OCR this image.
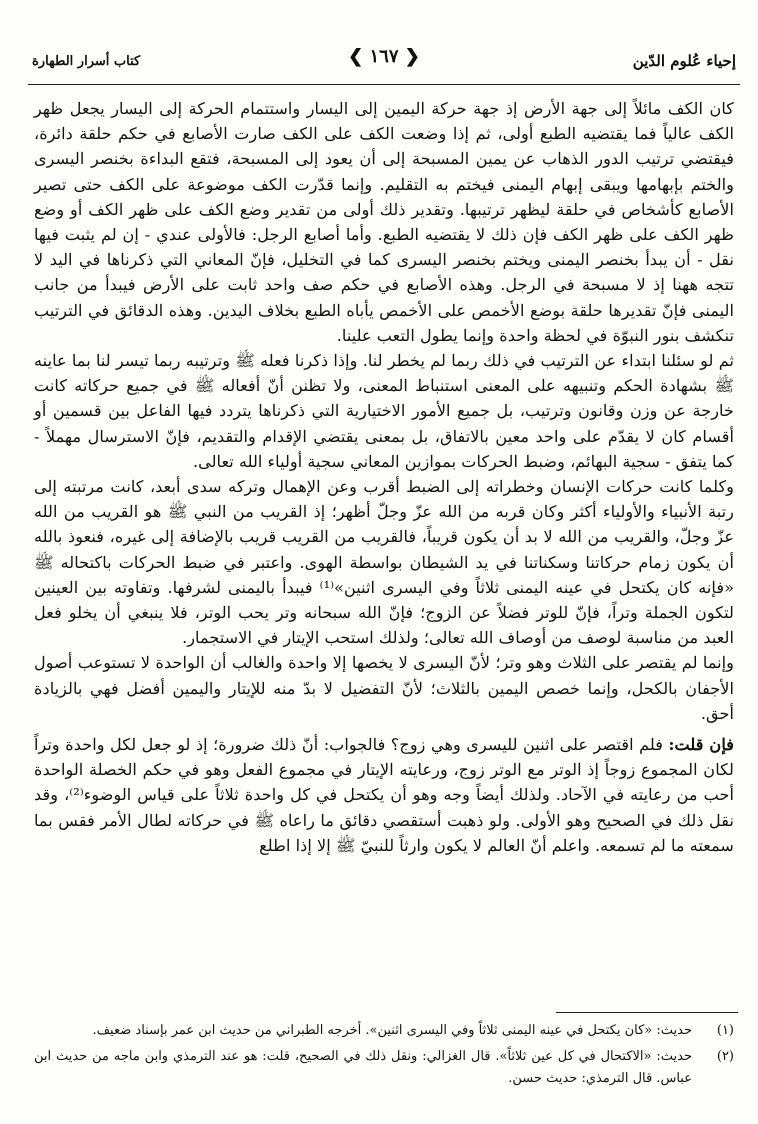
إحياء عُلوم الدّين
❮ ١٦٧ ❯
كتاب أسرار الطهارة

كان الكف مائلاً إلى جهة الأرض إذ جهة حركة اليمين إلى اليسار واستتمام الحركة إلى اليسار يجعل ظهر الكف عالياً فما يقتضيه الطبع أولى، ثم إذا وضعت الكف على الكف صارت الأصابع في حكم حلقة دائرة، فيقتضي ترتيب الدور الذهاب عن يمين المسبحة إلى أن يعود إلى المسبحة، فتقع البداءة بخنصر اليسرى والختم بإبهامها ويبقى إبهام اليمنى فيختم به التقليم. وإنما قدّرت الكف موضوعة على الكف حتى تصير الأصابع كأشخاص في حلقة ليظهر ترتيبها. وتقدير ذلك أولى من تقدير وضع الكف على ظهر الكف أو وضع ظهر الكف على ظهر الكف فإن ذلك لا يقتضيه الطبع. وأما أصابع الرجل: فالأولى عندي - إن لم يثبت فيها نقل - أن يبدأ بخنصر اليمنى ويختم بخنصر اليسرى كما في التخليل، فإنّ المعاني التي ذكرناها في اليد لا تتجه ههنا إذ لا مسبحة في الرجل. وهذه الأصابع في حكم صف واحد ثابت على الأرض فيبدأ من جانب اليمنى فإنّ تقديرها حلقة بوضع الأخمص على الأخمص يأباه الطبع بخلاف اليدين. وهذه الدقائق في الترتيب تنكشف بنور النبوّة في لحظة واحدة وإنما يطول التعب علينا.

ثم لو سئلنا ابتداء عن الترتيب في ذلك ربما لم يخطر لنا. وإذا ذكرنا فعله ﷺ وترتيبه ربما تيسر لنا بما عاينه ﷺ بشهادة الحكم وتنبيهه على المعنى استنباط المعنى، ولا تظنن أنّ أفعاله ﷺ في جميع حركاته كانت خارجة عن وزن وقانون وترتيب، بل جميع الأمور الاختيارية التي ذكرناها يتردد فيها الفاعل بين قسمين أو أقسام كان لا يقدّم على واحد معين بالاتفاق، بل بمعنى يقتضي الإقدام والتقديم، فإنّ الاسترسال مهملاً - كما يتفق - سجية البهائم، وضبط الحركات بموازين المعاني سجية أولياء الله تعالى.

وكلما كانت حركات الإنسان وخطراته إلى الضبط أقرب وعن الإهمال وتركه سدى أبعد، كانت مرتبته إلى رتبة الأنبياء والأولياء أكثر وكان قربه من الله عزّ وجلّ أظهر؛ إذ القريب من النبي ﷺ هو القريب من الله عزّ وجلّ، والقريب من الله لا بد أن يكون قريباً، فالقريب من القريب قريب بالإضافة إلى غيره، فنعوذ بالله أن يكون زمام حركاتنا وسكناتنا في يد الشيطان بواسطة الهوى. واعتبر في ضبط الحركات باكتحاله ﷺ «فإنه كان يكتحل في عينه اليمنى ثلاثاً وفي اليسرى اثنين»⁽¹⁾ فيبدأ باليمنى لشرفها. وتفاوته بين العينين لتكون الجملة وتراً، فإنّ للوتر فضلاً عن الزوج؛ فإنّ الله سبحانه وتر يحب الوتر، فلا ينبغي أن يخلو فعل العبد من مناسبة لوصف من أوصاف الله تعالى؛ ولذلك استحب الإيتار في الاستجمار.

وإنما لم يقتصر على الثلاث وهو وتر؛ لأنّ اليسرى لا يخصها إلا واحدة والغالب أن الواحدة لا تستوعب أصول الأجفان بالكحل، وإنما خصص اليمين بالثلاث؛ لأنّ التفضيل لا بدّ منه للإيتار واليمين أفضل فهي بالزيادة أحق.

فإن قلت: فلم اقتصر على اثنين لليسرى وهي زوج؟ فالجواب: أنّ ذلك ضرورة؛ إذ لو جعل لكل واحدة وتراً لكان المجموع زوجاً إذ الوتر مع الوتر زوج، ورعايته الإيتار في مجموع الفعل وهو في حكم الخصلة الواحدة أحب من رعايته في الآحاد. ولذلك أيضاً وجه وهو أن يكتحل في كل واحدة ثلاثاً على قياس الوضوء⁽²⁾، وقد نقل ذلك في الصحيح وهو الأولى. ولو ذهبت أستقصي دقائق ما راعاه ﷺ في حركاته لطال الأمر فقس بما سمعته ما لم تسمعه. واعلم أنّ العالم لا يكون وارثاً للنبيّ ﷺ إلا إذا اطلع

(١)
حديث: «كان يكتحل في عينه اليمنى ثلاثاً وفي اليسرى اثنين». أخرجه الطبراني من حديث ابن عمر بإسناد ضعيف.
(٢)
حديث: «الاكتحال في كل عين ثلاثاً». قال الغزالي: ونقل ذلك في الصحيح، قلت: هو عند الترمذي وابن ماجه من حديث ابن عباس. قال الترمذي: حديث حسن.
